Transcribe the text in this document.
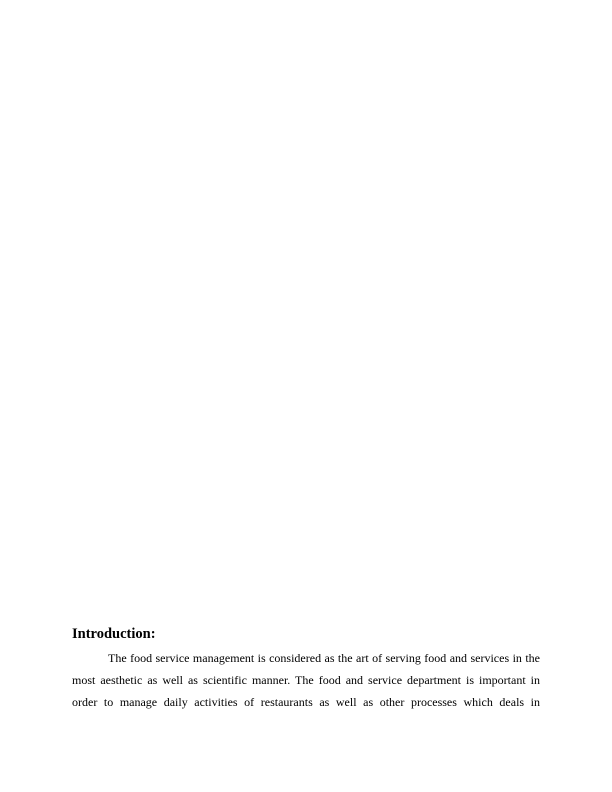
Introduction:
The food service management is considered as the art of serving food and services in the
most aesthetic as well as scientific manner. The food and service department is important in
order to manage daily activities of restaurants as well as other processes which deals in
